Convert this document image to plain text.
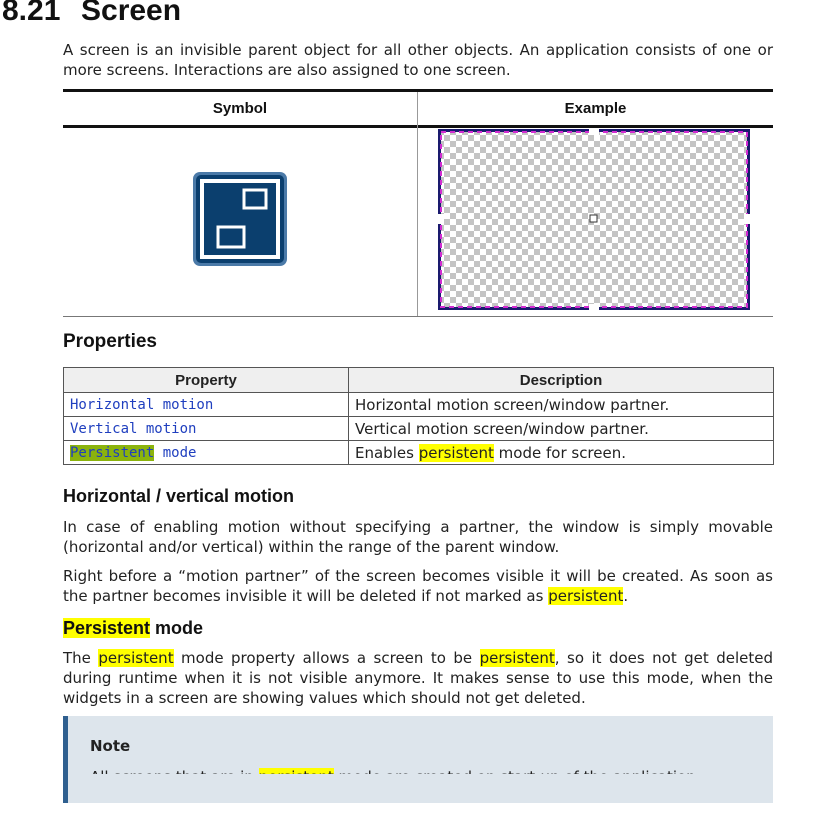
8.21 Screen

A screen is an invisible parent object for all other objects. An application consists of one or more screens. Interactions are also assigned to one screen.

Symbol	Example
Properties
Property	Description
Horizontal motion	Horizontal motion screen/window partner.
Vertical motion	Vertical motion screen/window partner.
Persistent mode	Enables persistent mode for screen.
Horizontal / vertical motion

In case of enabling motion without specifying a partner, the window is simply movable (horizontal and/or vertical) within the range of the parent window.

Right before a “motion partner” of the screen becomes visible it will be created. As soon as the partner becomes invisible it will be deleted if not marked as persistent.

Persistent mode

The persistent mode property allows a screen to be persistent, so it does not get deleted during runtime when it is not visible anymore. It makes sense to use this mode, when the widgets in a screen are showing values which should not get deleted.

Note
